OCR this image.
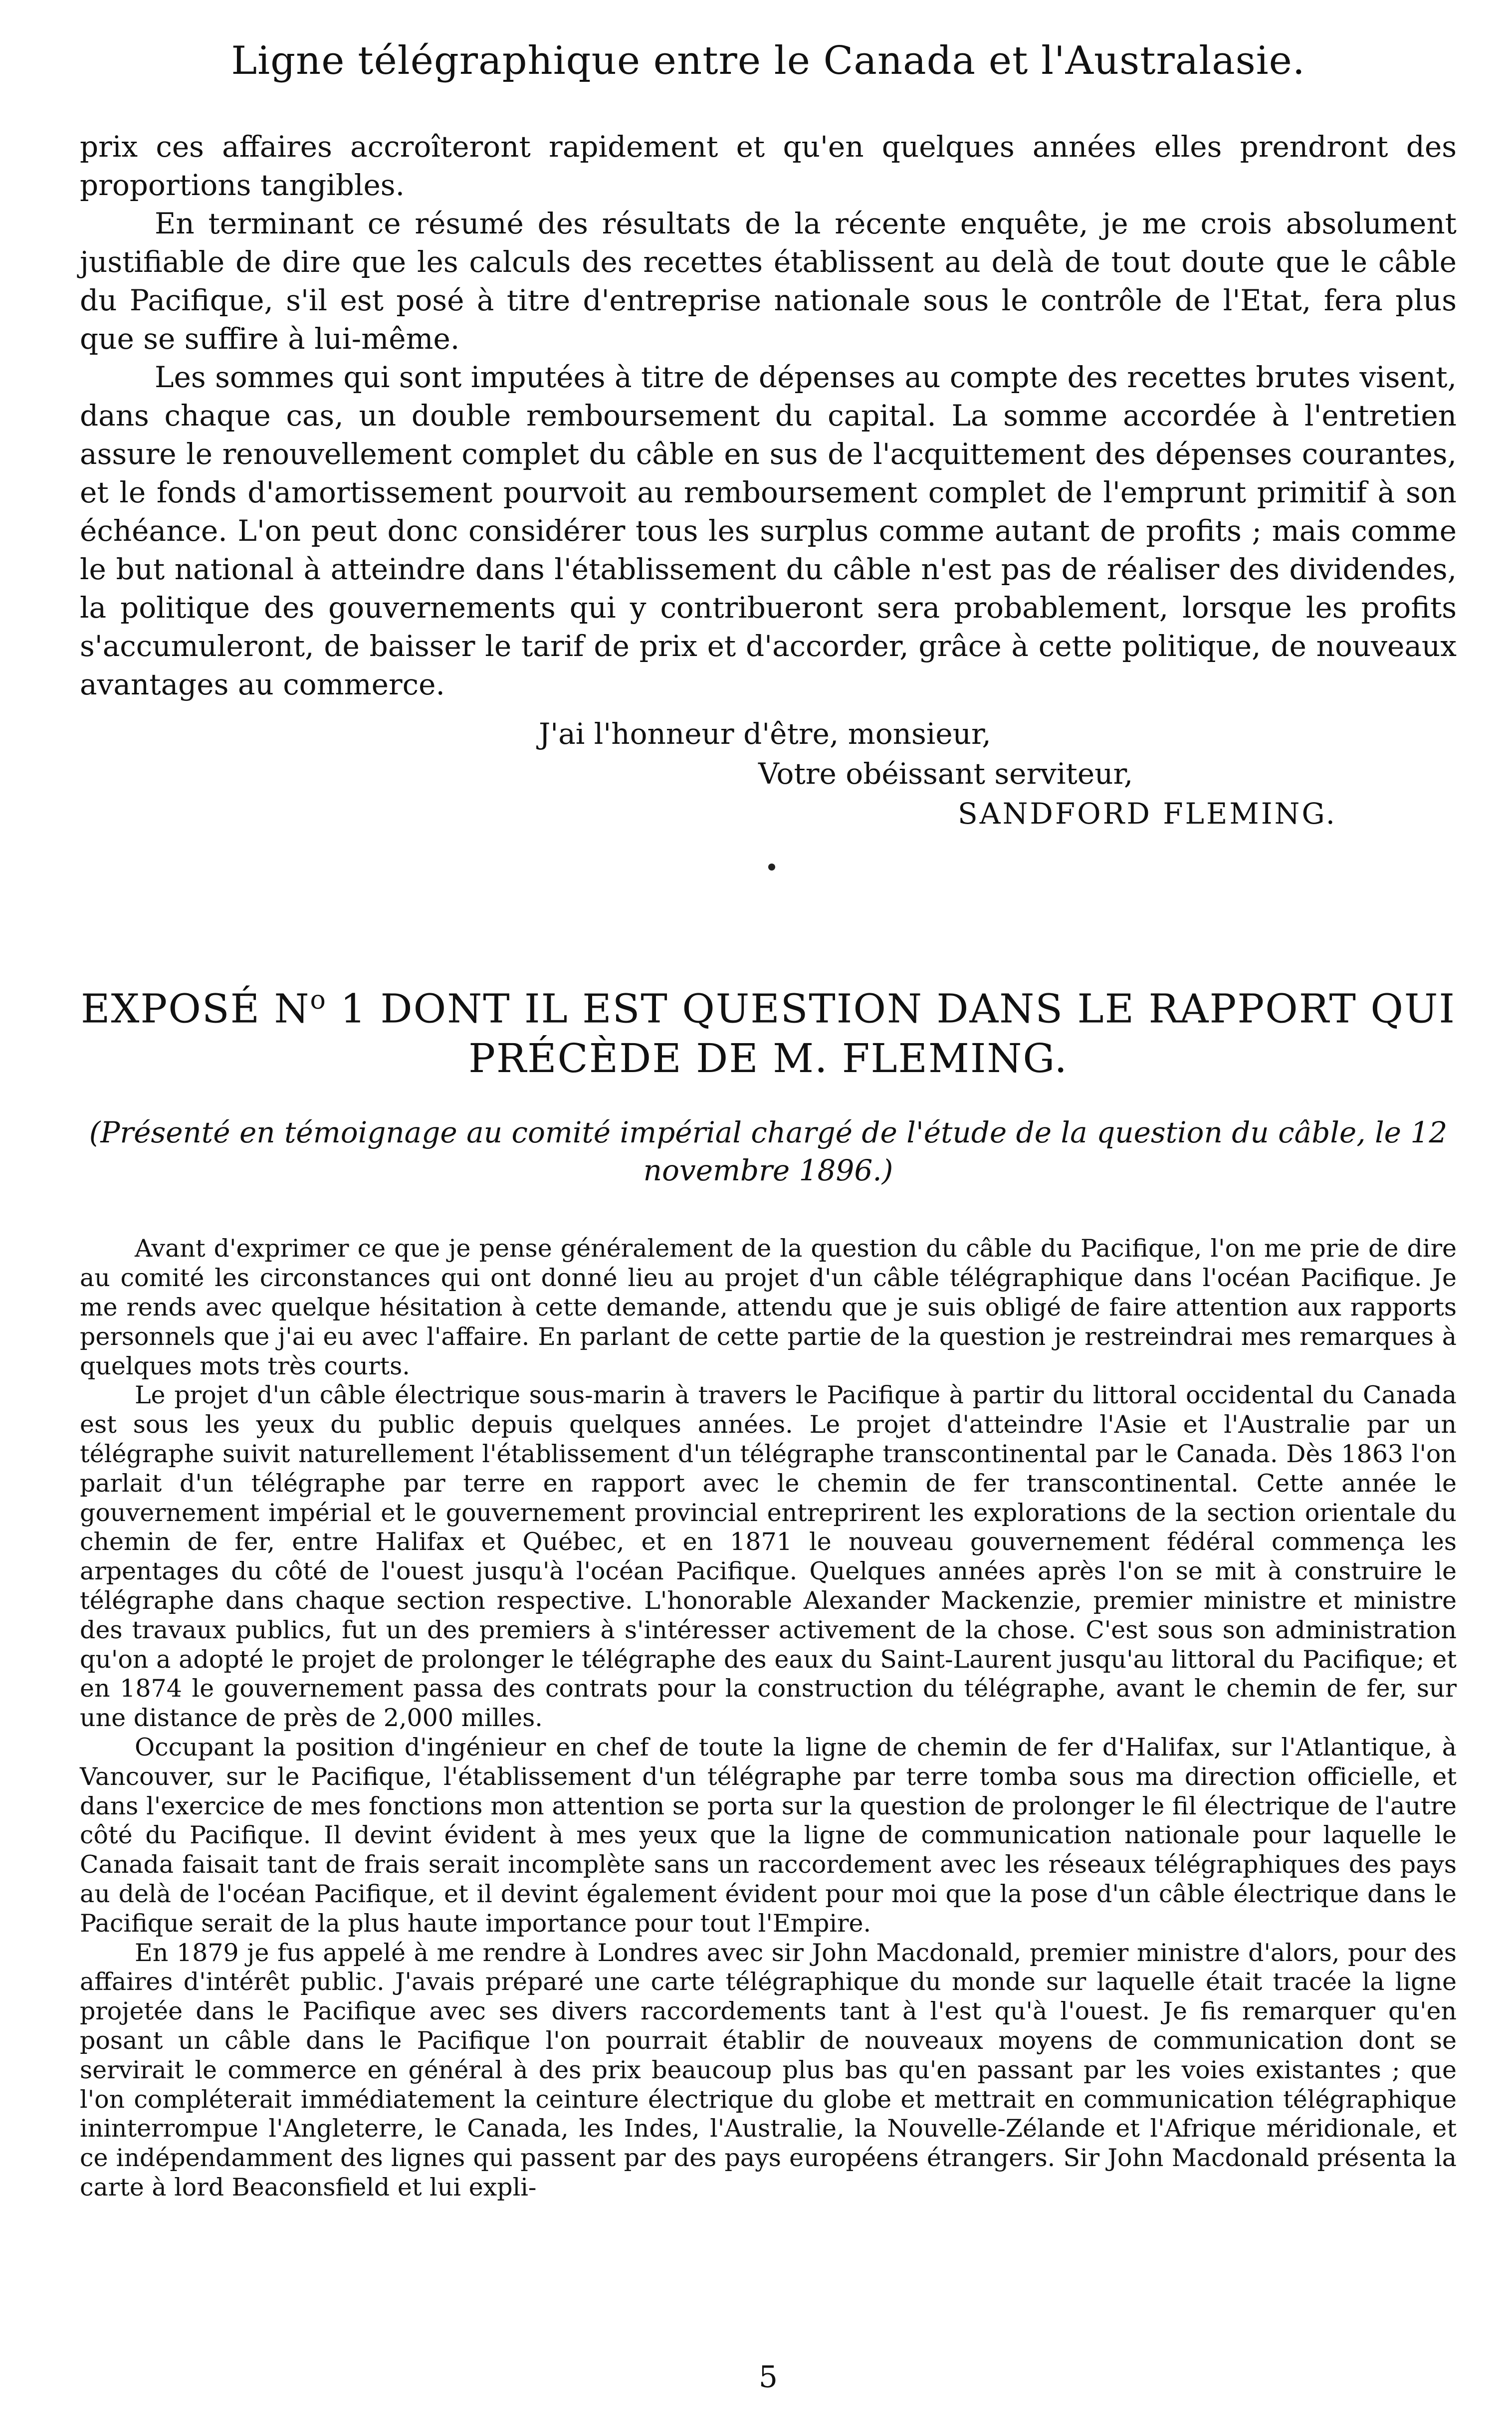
Ligne télégraphique entre le Canada et l'Australasie.

prix ces affaires accroîteront rapidement et qu'en quelques années elles prendront des proportions tangibles.

En terminant ce résumé des résultats de la récente enquête, je me crois absolument justifiable de dire que les calculs des recettes établissent au delà de tout doute que le câble du Pacifique, s'il est posé à titre d'entreprise nationale sous le contrôle de l'Etat, fera plus que se suffire à lui-même.

Les sommes qui sont imputées à titre de dépenses au compte des recettes brutes visent, dans chaque cas, un double remboursement du capital. La somme accordée à l'entretien assure le renouvellement complet du câble en sus de l'acquittement des dépenses courantes, et le fonds d'amortissement pourvoit au remboursement complet de l'emprunt primitif à son échéance. L'on peut donc considérer tous les surplus comme autant de profits ; mais comme le but national à atteindre dans l'établissement du câble n'est pas de réaliser des dividendes, la politique des gouvernements qui y contribueront sera probablement, lorsque les profits s'accumuleront, de baisser le tarif de prix et d'accorder, grâce à cette politique, de nouveaux avantages au commerce.

J'ai l'honneur d'être, monsieur,
Votre obéissant serviteur,
SANDFORD FLEMING.
EXPOSÉ $N^o$ 1 DONT IL EST QUESTION DANS LE RAPPORT QUI PRÉCÈDE DE M. FLEMING.
(Présenté en témoignage au comité impérial chargé de l'étude de la question du câble, le 12 novembre 1896.)

Avant d'exprimer ce que je pense généralement de la question du câble du Pacifique, l'on me prie de dire au comité les circonstances qui ont donné lieu au projet d'un câble télégraphique dans l'océan Pacifique. Je me rends avec quelque hésitation à cette demande, attendu que je suis obligé de faire attention aux rapports personnels que j'ai eu avec l'affaire. En parlant de cette partie de la question je restreindrai mes remarques à quelques mots très courts.

Le projet d'un câble électrique sous-marin à travers le Pacifique à partir du littoral occidental du Canada est sous les yeux du public depuis quelques années. Le projet d'atteindre l'Asie et l'Australie par un télégraphe suivit naturellement l'établissement d'un télégraphe transcontinental par le Canada. Dès 1863 l'on parlait d'un télégraphe par terre en rapport avec le chemin de fer transcontinental. Cette année le gouvernement impérial et le gouvernement provincial entreprirent les explorations de la section orientale du chemin de fer, entre Halifax et Québec, et en 1871 le nouveau gouvernement fédéral commença les arpentages du côté de l'ouest jusqu'à l'océan Pacifique. Quelques années après l'on se mit à construire le télégraphe dans chaque section respective. L'honorable Alexander Mackenzie, premier ministre et ministre des travaux publics, fut un des premiers à s'intéresser activement de la chose. C'est sous son administration qu'on a adopté le projet de prolonger le télégraphe des eaux du Saint-Laurent jusqu'au littoral du Pacifique; et en 1874 le gouvernement passa des contrats pour la construction du télégraphe, avant le chemin de fer, sur une distance de près de 2,000 milles.

Occupant la position d'ingénieur en chef de toute la ligne de chemin de fer d'Halifax, sur l'Atlantique, à Vancouver, sur le Pacifique, l'établissement d'un télégraphe par terre tomba sous ma direction officielle, et dans l'exercice de mes fonctions mon attention se porta sur la question de prolonger le fil électrique de l'autre côté du Pacifique. Il devint évident à mes yeux que la ligne de communication nationale pour laquelle le Canada faisait tant de frais serait incomplète sans un raccordement avec les réseaux télégraphiques des pays au delà de l'océan Pacifique, et il devint également évident pour moi que la pose d'un câble électrique dans le Pacifique serait de la plus haute importance pour tout l'Empire.

En 1879 je fus appelé à me rendre à Londres avec sir John Macdonald, premier ministre d'alors, pour des affaires d'intérêt public. J'avais préparé une carte télégraphique du monde sur laquelle était tracée la ligne projetée dans le Pacifique avec ses divers raccordements tant à l'est qu'à l'ouest. Je fis remarquer qu'en posant un câble dans le Pacifique l'on pourrait établir de nouveaux moyens de communication dont se servirait le commerce en général à des prix beaucoup plus bas qu'en passant par les voies existantes ; que l'on compléterait immédiatement la ceinture électrique du globe et mettrait en communication télégraphique ininterrompue l'Angleterre, le Canada, les Indes, l'Australie, la Nouvelle-Zélande et l'Afrique méridionale, et ce indépendamment des lignes qui passent par des pays européens étrangers. Sir John Macdonald présenta la carte à lord Beaconsfield et lui expli-

5
